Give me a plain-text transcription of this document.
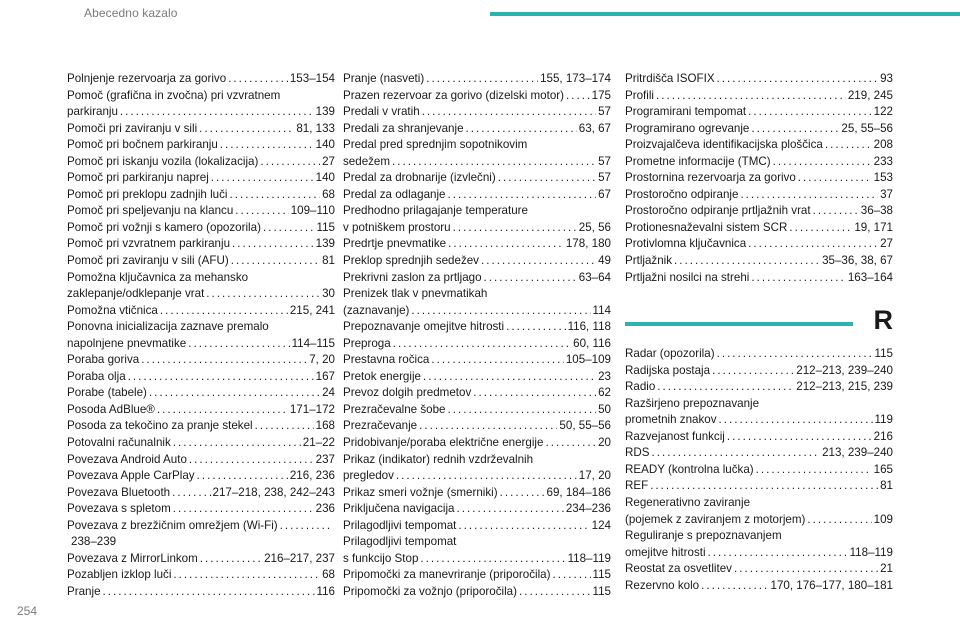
Abecedno kazalo
Polnjenje rezervoarja za gorivo . . .	153–154
Pomoč (grafična in zvočna) pri vzvratnem
parkiranju . . .	139
Pomoči pri zaviranju v sili . . .	81, 133
Pomoč pri bočnem parkiranju . . .	140
Pomoč pri iskanju vozila (lokalizacija) . . .	27
Pomoč pri parkiranju naprej . . .	140
Pomoč pri preklopu zadnjih luči . . .	68
Pomoč pri speljevanju na klancu . . .	109–110
Pomoč pri vožnji s kamero (opozorila) . . .	115
Pomoč pri vzvratnem parkiranju . . .	139
Pomoč pri zaviranju v sili (AFU) . . .	81
Pomožna ključavnica za mehansko
zaklepanje/odklepanje vrat . . .	30
Pomožna vtičnica . . .	215, 241
Ponovna inicializacija zaznave premalo
napolnjene pnevmatike . . .	114–115
Poraba goriva . . .	7, 20
Poraba olja . . .	167
Porabe (tabele) . . .	24
Posoda AdBlue® . . .	171–172
Posoda za tekočino za pranje stekel . . .	168
Potovalni računalnik . . .	21–22
Povezava Android Auto . . .	237
Povezava Apple CarPlay . . .	216, 236
Povezava Bluetooth . . .	217–218, 238, 242–243
Povezava s spletom . . .	236
Povezava z brezžičnim omrežjem (Wi-Fi)
. . .
238–239
Povezava z MirrorLinkom . . .	216–217, 237
Pozabljen izklop luči . . .	68
Pranje . . .	116
Pranje (nasveti) . . .	155, 173–174
Prazen rezervoar za gorivo (dizelski motor) . . . 175
Predali v vratih . . .	57
Predali za shranjevanje . . .	63, 67
Predal pred sprednjim sopotnikovim
sedežem . . .	57
Predal za drobnarije (izvlečni) . . .	57
Predal za odlaganje . . .	67
Predhodno prilagajanje temperature
v potniškem prostoru . . .	25, 56
Predrtje pnevmatike . . .	178, 180
Preklop sprednjih sedežev . . .	49
Prekrivni zaslon za prtljago . . .	63–64
Prenizek tlak v pnevmatikah
(zaznavanje) . . .	114
Prepoznavanje omejitve hitrosti . . .	116, 118
Preproga . . .	60, 116
Prestavna ročica . . .	105–109
Pretok energije . . .	23
Prevoz dolgih predmetov . . .	62
Prezračevalne šobe . . .	50
Prezračevanje . . .	50, 55–56
Pridobivanje/poraba električne energije . . .	20
Prikaz (indikator) rednih vzdrževalnih
pregledov . . .	17, 20
Prikaz smeri vožnje (smerniki) . . .	69, 184–186
Priključena navigacija . . .	234–236
Prilagodljivi tempomat . . .	124
Prilagodljivi tempomat
s funkcijo Stop . . .	118–119
Pripomočki za manevriranje (priporočila) . . .	115
Pripomočki za vožnjo (priporočila) . . .	115
Pritrdišča ISOFIX . . .	93
Profili . . .	219, 245
Programirani tempomat . . .	122
Programirano ogrevanje . . .	25, 55–56
Proizvajalčeva identifikacijska ploščica . . .	208
Prometne informacije (TMC) . . .	233
Prostornina rezervoarja za gorivo . . .	153
Prostoročno odpiranje . . .	37
Prostoročno odpiranje prtljažnih vrat . . .	36–38
Protionesnaževalni sistem SCR . . .	19, 171
Protivlomna ključavnica . . .	27
Prtljažnik . . .	35–36, 38, 67
Prtljažni nosilci na strehi . . .	163–164
R
Radar (opozorila) . . .	115
Radijska postaja . . .	212–213, 239–240
Radio . . .	212–213, 215, 239
Razširjeno prepoznavanje
prometnih znakov . . .	119
Razvejanost funkcij . . .	216
RDS . . .	213, 239–240
READY (kontrolna lučka) . . .	165
REF . . .	81
Regenerativno zaviranje
(pojemek z zaviranjem z motorjem) . . .	109
Reguliranje s prepoznavanjem
omejitve hitrosti . . .	118–119
Reostat za osvetlitev . . .	21
Rezervno kolo . . .	170, 176–177, 180–181
254
